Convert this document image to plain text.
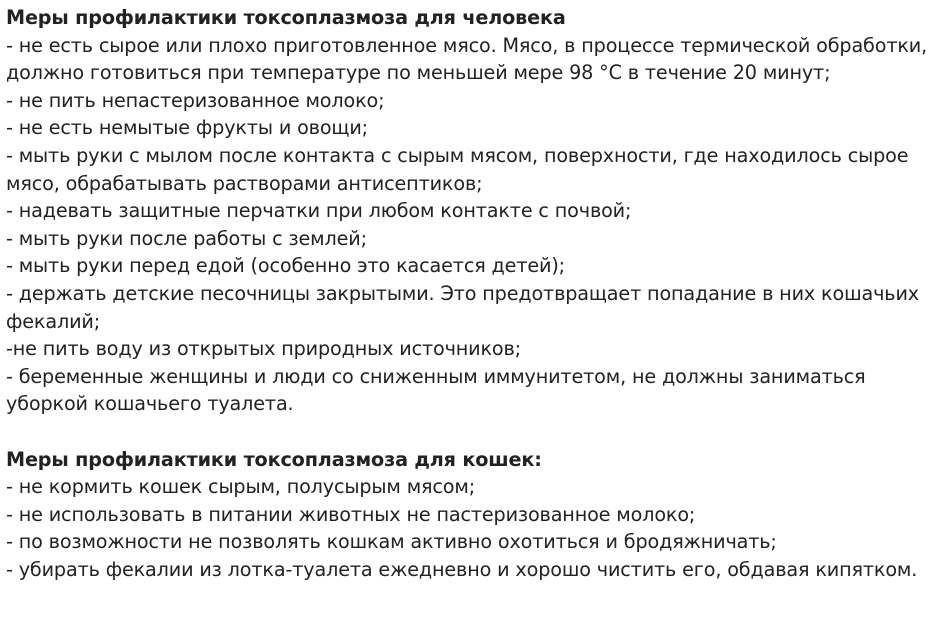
Меры профилактики токсоплазмоза для человека
- не есть сырое или плохо приготовленное мясо. Мясо, в процессе термической обработки,
должно готовиться при температуре по меньшей мере 98 °С в течение 20 минут;
- не пить непастеризованное молоко;
- не есть немытые фрукты и овощи;
- мыть руки с мылом после контакта с сырым мясом, поверхности, где находилось сырое
мясо, обрабатывать растворами антисептиков;
- надевать защитные перчатки при любом контакте с почвой;
- мыть руки после работы с землей;
- мыть руки перед едой (особенно это касается детей);
- держать детские песочницы закрытыми. Это предотвращает попадание в них кошачьих
фекалий;
-не пить воду из открытых природных источников;
- беременные женщины и люди со сниженным иммунитетом, не должны заниматься
уборкой кошачьего туалета.
Меры профилактики токсоплазмоза для кошек:
- не кормить кошек сырым, полусырым мясом;
- не использовать в питании животных не пастеризованное молоко;
- по возможности не позволять кошкам активно охотиться и бродяжничать;
- убирать фекалии из лотка-туалета ежедневно и хорошо чистить его, обдавая кипятком.
